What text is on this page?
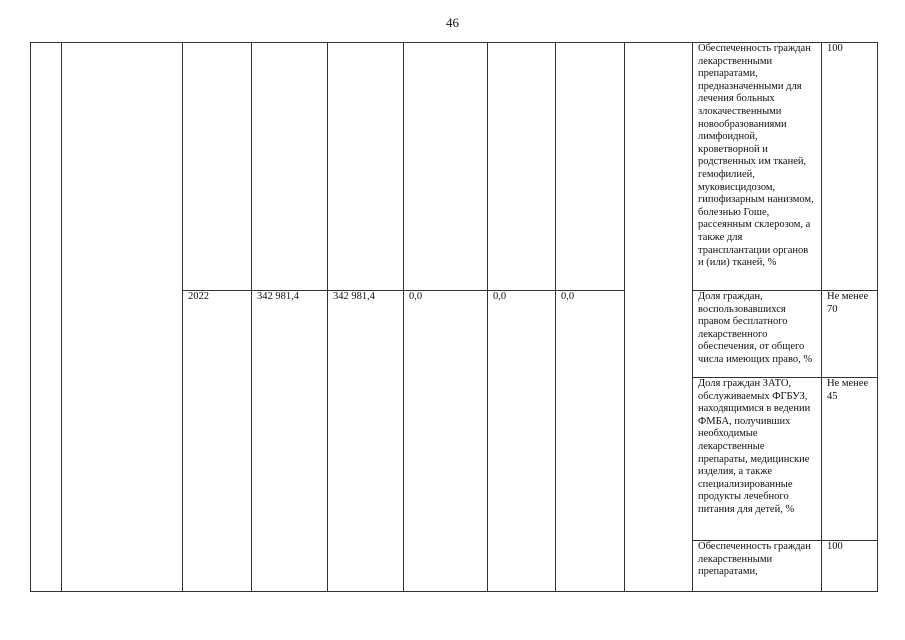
46
									Обеспеченность граждан лекарственными препаратами, предназначенными для лечения больных злокачественными новообразованиями лимфоидной, кроветворной и родственных им тканей, гемофилией, муковисцидозом, гипофизарным нанизмом, болезнью Гоше, рассеянным склерозом, а также для трансплантации органов и (или) тканей, %	100
		2022	342 981,4	342 981,4	0,0	0,0	0,0		Доля граждан, воспользовавшихся правом бесплатного лекарственного обеспечения, от общего числа имеющих право, %	Не менее 70
									Доля граждан ЗАТО, обслуживаемых ФГБУЗ, находящимися в ведении ФМБА, получивших необходимые лекарственные препараты, медицинские изделия, а также специализированные продукты лечебного питания для детей, %	Не менее 45
									Обеспеченность граждан лекарственными препаратами,	100
